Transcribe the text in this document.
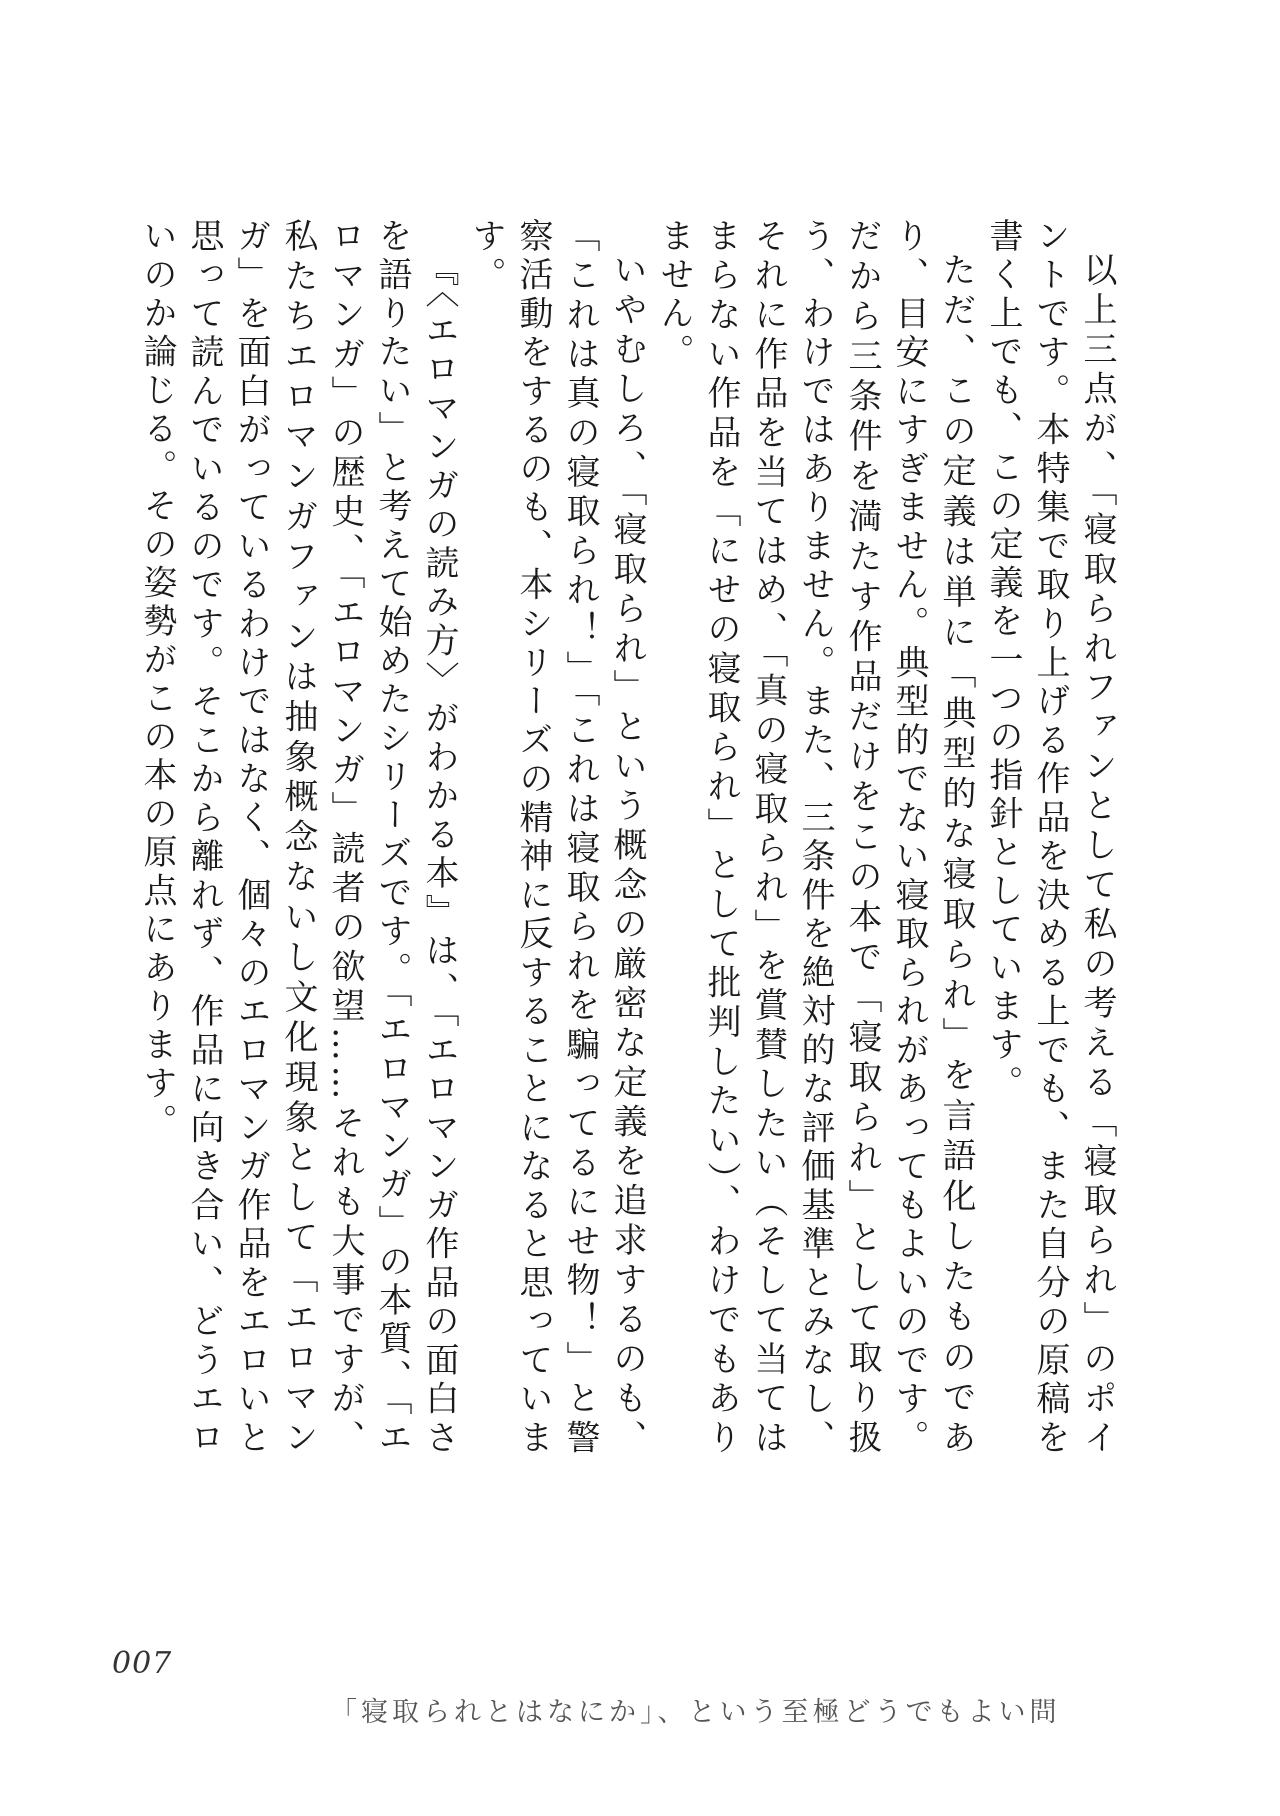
以上三点が、「寝取られファンとして私の考える「寝取られ」のポイントです。本特集で取り上げる作品を決める上でも、また自分の原稿を書く上でも、この定義を一つの指針としています。

ただ、この定義は単に「典型的な寝取られ」を言語化したものであり、目安にすぎません。典型的でない寝取られがあってもよいのです。だから三条件を満たす作品だけをこの本で「寝取られ」として取り扱う、わけではありません。また、三条件を絶対的な評価基準とみなし、それに作品を当てはめ、「真の寝取られ」を賞賛したい（そして当てはまらない作品を「にせの寝取られ」として批判したい）、わけでもありません。

いやむしろ、「寝取られ」という概念の厳密な定義を追求するのも、「これは真の寝取られ！」「これは寝取られを騙ってるにせ物！」と警察活動をするのも、本シリーズの精神に反することになると思っています。

『〈エロマンガの読み方〉がわかる本』は、「エロマンガ作品の面白さを語りたい」と考えて始めたシリーズです。「エロマンガ」の本質、「エロマンガ」の歴史、「エロマンガ」読者の欲望……それも大事ですが、私たちエロマンガファンは抽象概念ないし文化現象として「エロマンガ」を面白がっているわけではなく、個々のエロマンガ作品をエロいと思って読んでいるのです。そこから離れず、作品に向き合い、どうエロいのか論じる。その姿勢がこの本の原点にあります。

007
「寝取られとはなにか」、という至極どうでもよい問
